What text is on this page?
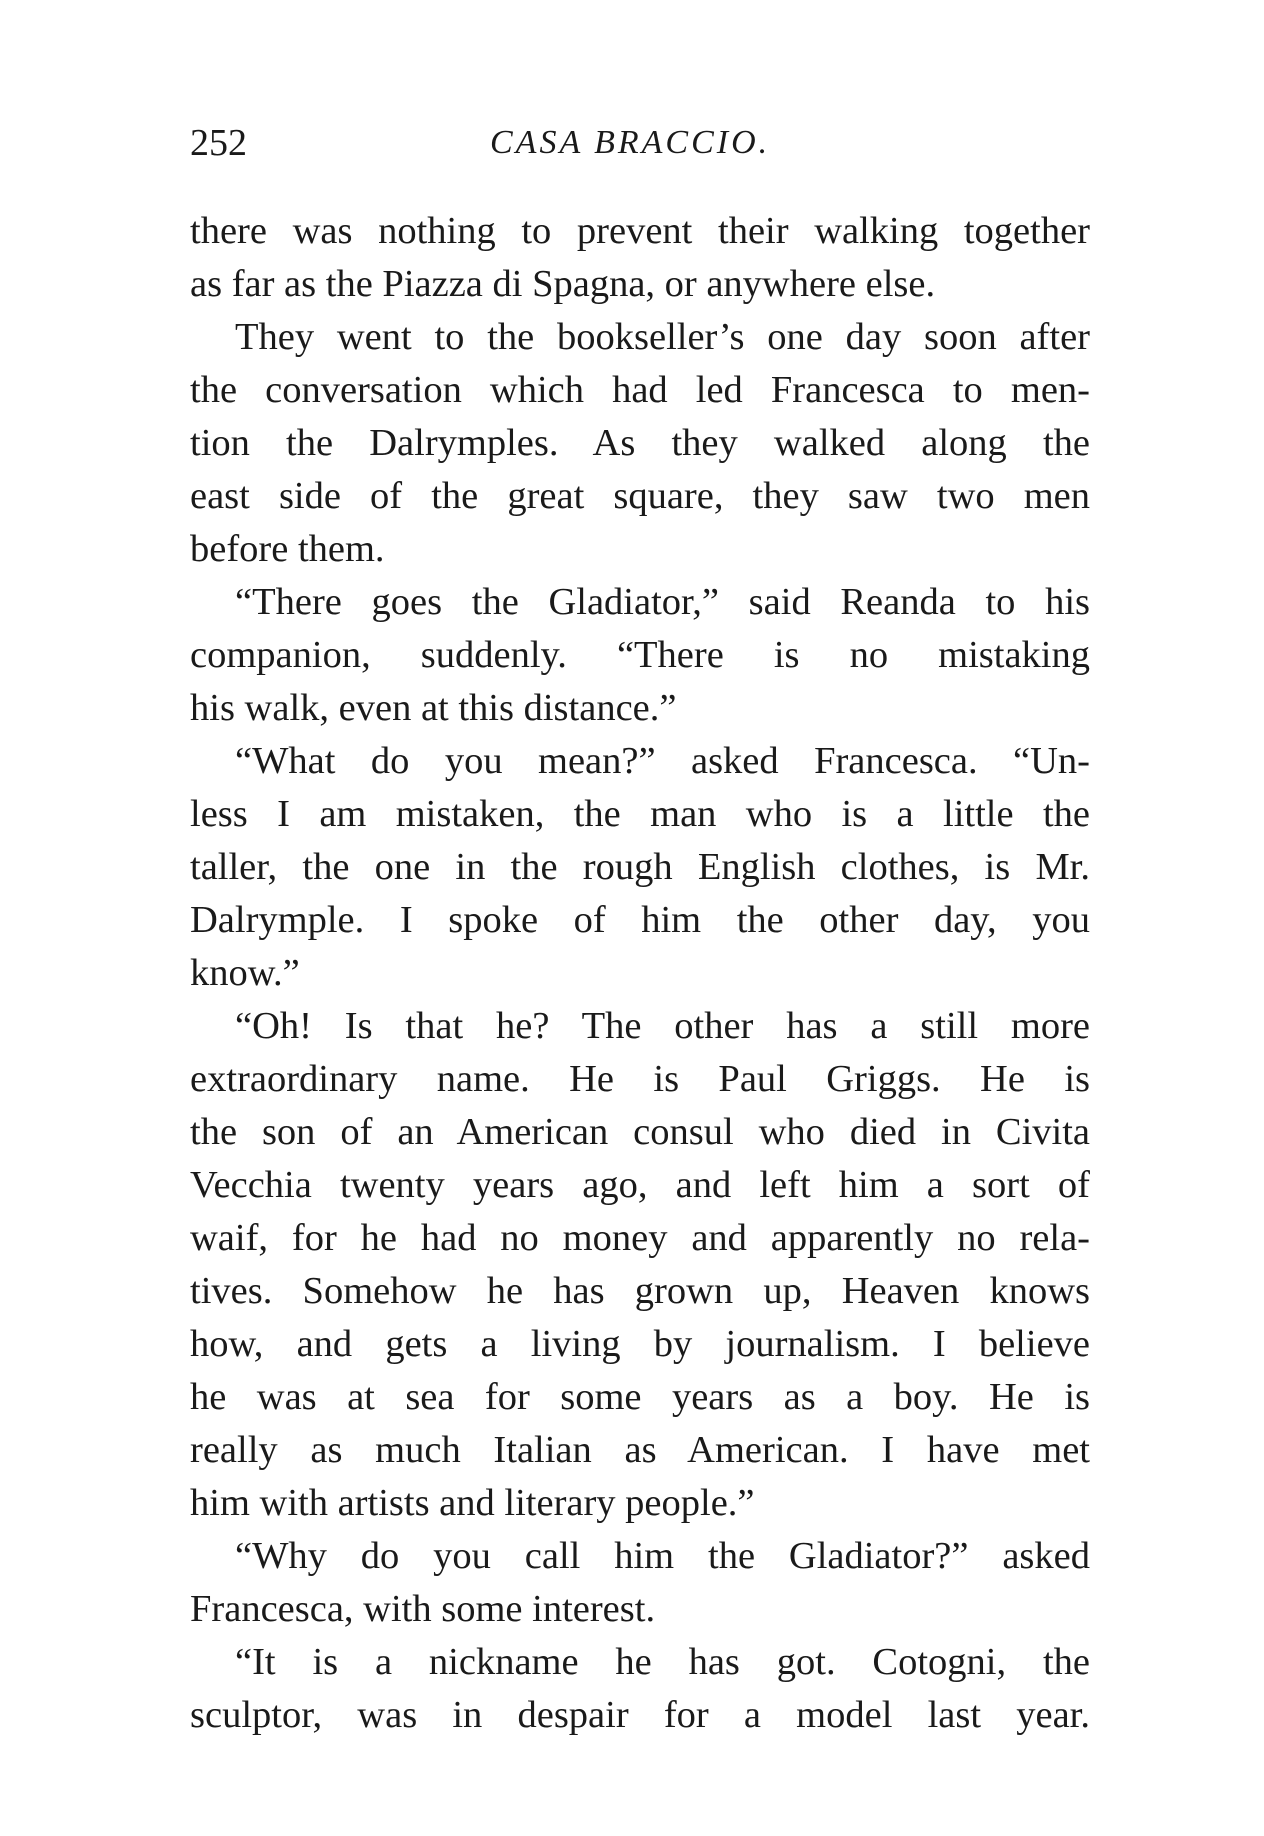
252	CASA BRACCIO.
there was nothing to prevent their walking together
as far as the Piazza di Spagna, or anywhere else.
They went to the bookseller’s one day soon after
the conversation which had led Francesca to men-
tion the Dalrymples. As they walked along the
east side of the great square, they saw two men
before them.
“There goes the Gladiator,” said Reanda to his
companion, suddenly. “There is no mistaking
his walk, even at this distance.”
“What do you mean?” asked Francesca. “Un-
less I am mistaken, the man who is a little the
taller, the one in the rough English clothes, is Mr.
Dalrymple. I spoke of him the other day, you
know.”
“Oh! Is that he? The other has a still more
extraordinary name. He is Paul Griggs. He is
the son of an American consul who died in Civita
Vecchia twenty years ago, and left him a sort of
waif, for he had no money and apparently no rela-
tives. Somehow he has grown up, Heaven knows
how, and gets a living by journalism. I believe
he was at sea for some years as a boy. He is
really as much Italian as American. I have met
him with artists and literary people.”
“Why do you call him the Gladiator?” asked
Francesca, with some interest.
“It is a nickname he has got. Cotogni, the
sculptor, was in despair for a model last year.
